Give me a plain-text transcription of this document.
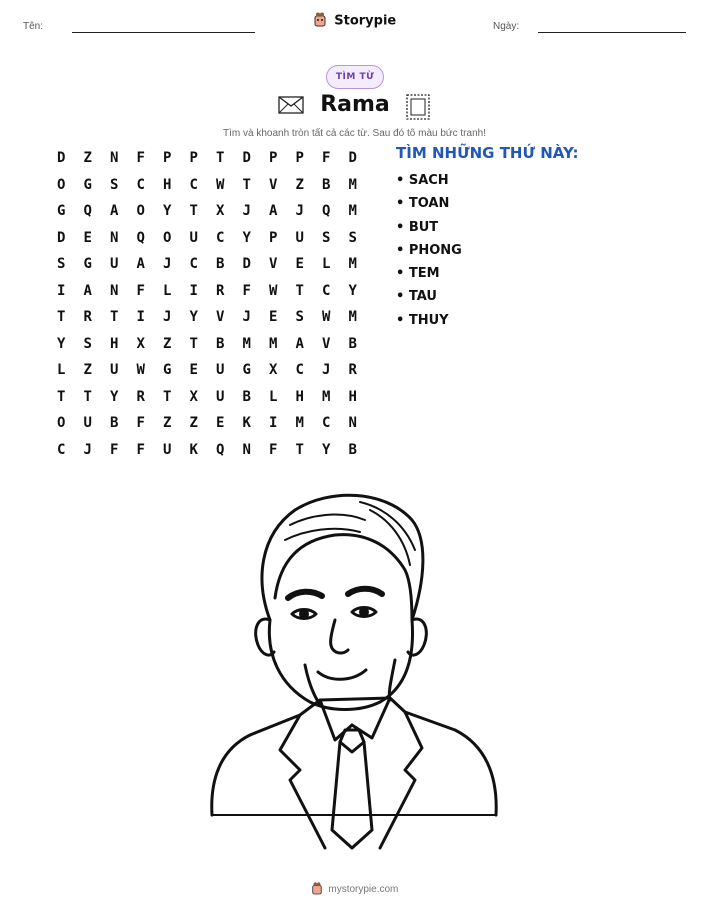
Tên:	Storypie	Ngày:
TÌM TỪ
Rama
Tìm và khoanh tròn tất cả các từ. Sau đó tô màu bức tranh!
D	Z	N	F	P	P	T	D	P	P	F	D
O	G	S	C	H	C	W	T	V	Z	B	M
G	Q	A	O	Y	T	X	J	A	J	Q	M
D	E	N	Q	O	U	C	Y	P	U	S	S
S	G	U	A	J	C	B	D	V	E	L	M
I	A	N	F	L	I	R	F	W	T	C	Y
T	R	T	I	J	Y	V	J	E	S	W	M
Y	S	H	X	Z	T	B	M	M	A	V	B
L	Z	U	W	G	E	U	G	X	C	J	R
T	T	Y	R	T	X	U	B	L	H	M	H
O	U	B	F	Z	Z	E	K	I	M	C	N
C	J	F	F	U	K	Q	N	F	T	Y	B
TÌM NHỮNG THỨ NÀY:
• SACH
• TOAN
• BUT
• PHONG
• TEM
• TAU
• THUY
mystorypie.com
